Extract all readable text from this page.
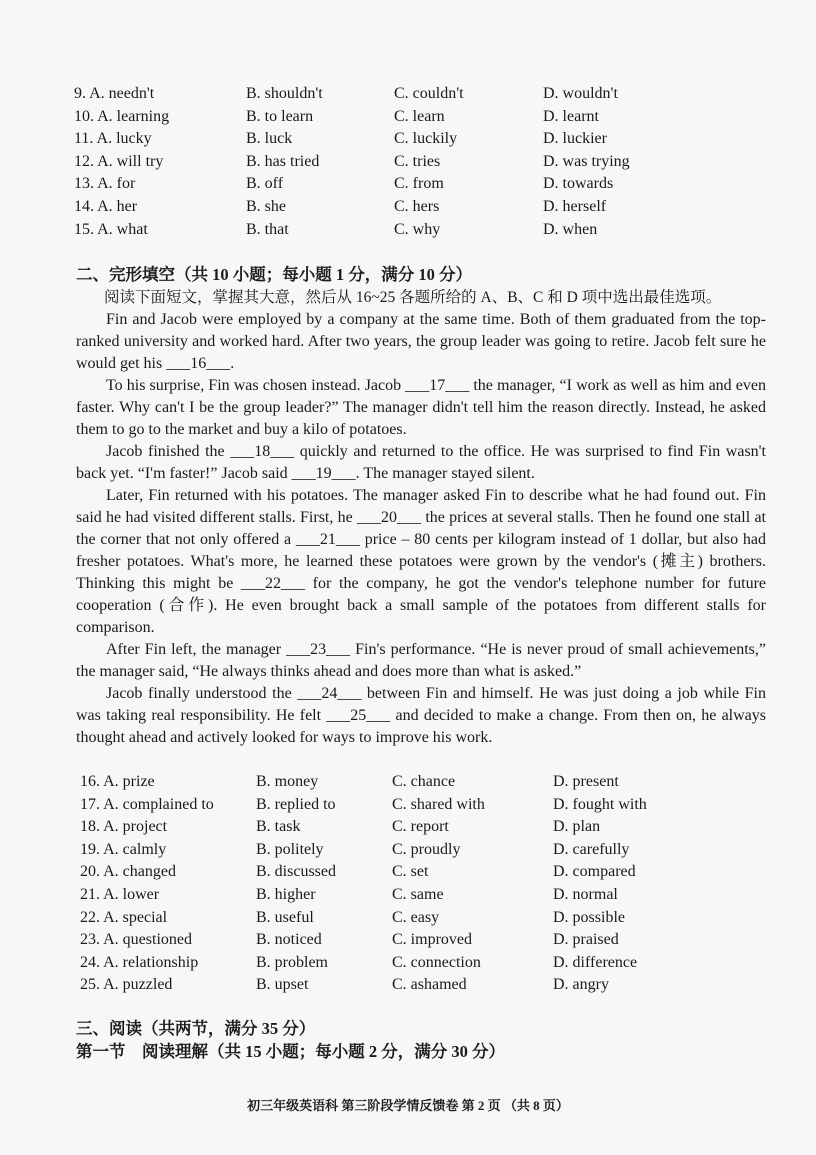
9. A. needn't	B. shouldn't	C. couldn't	D. wouldn't
10. A. learning	B. to learn	C. learn	D. learnt
11. A. lucky	B. luck	C. luckily	D. luckier
12. A. will try	B. has tried	C. tries	D. was trying
13. A. for	B. off	C. from	D. towards
14. A. her	B. she	C. hers	D. herself
15. A. what	B. that	C. why	D. when
二、完形填空（共 10 小题；每小题 1 分，满分 10 分）
阅读下面短文，掌握其大意，然后从 16~25 各题所给的 A、B、C 和 D 项中选出最佳选项。

Fin and Jacob were employed by a company at the same time. Both of them graduated from the top-ranked university and worked hard. After two years, the group leader was going to retire. Jacob felt sure he would get his ___16___.

To his surprise, Fin was chosen instead. Jacob ___17___ the manager, “I work as well as him and even faster. Why can't I be the group leader?” The manager didn't tell him the reason directly. Instead, he asked them to go to the market and buy a kilo of potatoes.

Jacob finished the ___18___ quickly and returned to the office. He was surprised to find Fin wasn't back yet. “I'm faster!” Jacob said ___19___. The manager stayed silent.

Later, Fin returned with his potatoes. The manager asked Fin to describe what he had found out. Fin said he had visited different stalls. First, he ___20___ the prices at several stalls. Then he found one stall at the corner that not only offered a ___21___ price – 80 cents per kilogram instead of 1 dollar, but also had fresher potatoes. What's more, he learned these potatoes were grown by the vendor's (摊主) brothers. Thinking this might be ___22___ for the company, he got the vendor's telephone number for future cooperation (合作). He even brought back a small sample of the potatoes from different stalls for comparison.

After Fin left, the manager ___23___ Fin's performance. “He is never proud of small achievements,” the manager said, “He always thinks ahead and does more than what is asked.”

Jacob finally understood the ___24___ between Fin and himself. He was just doing a job while Fin was taking real responsibility. He felt ___25___ and decided to make a change. From then on, he always thought ahead and actively looked for ways to improve his work.

16. A. prize	B. money	C. chance	D. present
17. A. complained to	B. replied to	C. shared with	D. fought with
18. A. project	B. task	C. report	D. plan
19. A. calmly	B. politely	C. proudly	D. carefully
20. A. changed	B. discussed	C. set	D. compared
21. A. lower	B. higher	C. same	D. normal
22. A. special	B. useful	C. easy	D. possible
23. A. questioned	B. noticed	C. improved	D. praised
24. A. relationship	B. problem	C. connection	D. difference
25. A. puzzled	B. upset	C. ashamed	D. angry
三、阅读（共两节，满分 35 分）
第一节　阅读理解（共 15 小题；每小题 2 分，满分 30 分）
初三年级英语科 第三阶段学情反馈卷 第 2 页 （共 8 页）
